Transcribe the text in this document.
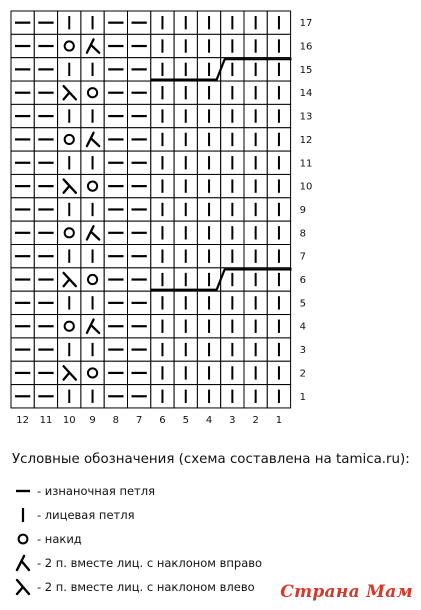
12 11 10 9 8 7 6 5 4 3 2 1
17
16
15
14
13
12
11
10
9
8
7
6
5
4
3
2
1
Условные обозначения (схема составлена на tamica.ru):
- изнаночная петля
- лицевая петля
- накид
- 2 п. вместе лиц. с наклоном вправо
- 2 п. вместе лиц. с наклоном влево Страна Мам
